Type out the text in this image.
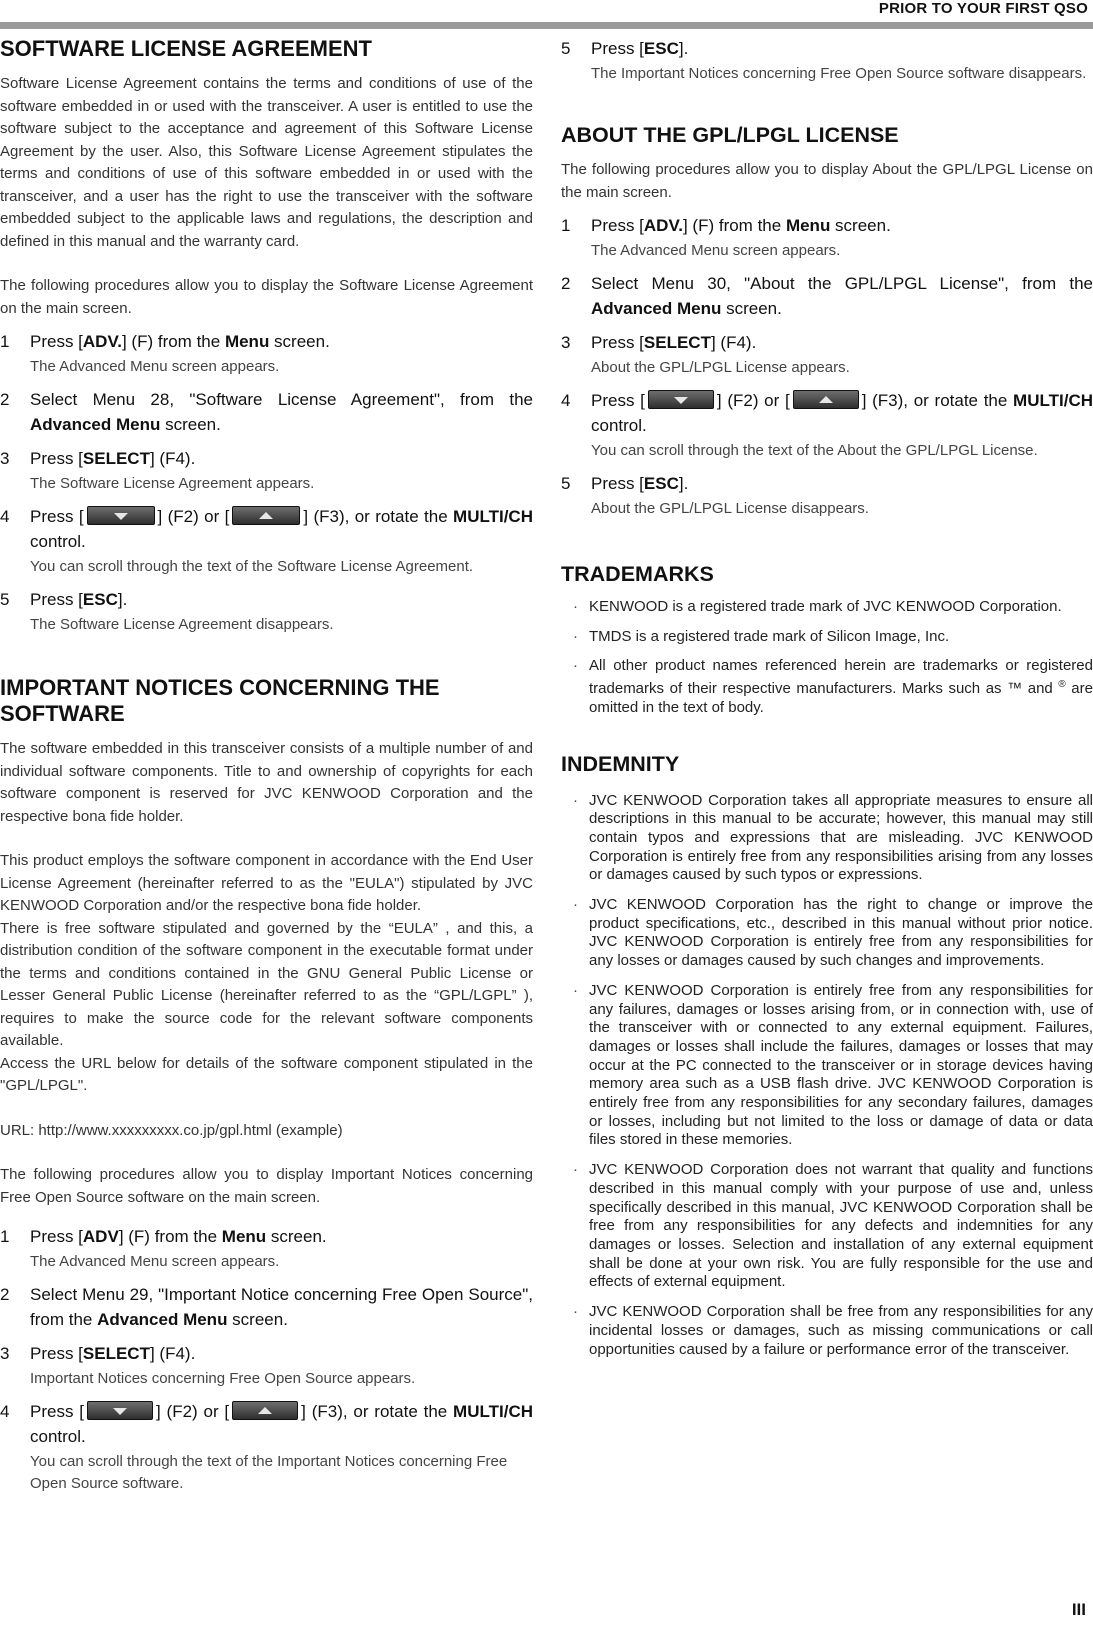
PRIOR TO YOUR FIRST QSO
SOFTWARE LICENSE AGREEMENT

Software License Agreement contains the terms and conditions of use of the software embedded in or used with the transceiver. A user is entitled to use the software subject to the acceptance and agreement of this Software License Agreement by the user. Also, this Software License Agreement stipulates the terms and conditions of use of this software embedded in or used with the transceiver, and a user has the right to use the transceiver with the software embedded subject to the applicable laws and regulations, the description and defined in this manual and the warranty card.

The following procedures allow you to display the Software License Agreement on the main screen.

1 Press [ADV.] (F) from the Menu screen.
The Advanced Menu screen appears.
2 Select Menu 28, "Software License Agreement", from the Advanced Menu screen.
3 Press [SELECT] (F4).
The Software License Agreement appears.
4 Press [	] (F2) or [	] (F3), or rotate the MULTI/CH control.
You can scroll through the text of the Software License Agreement.
5 Press [ESC].
The Software License Agreement disappears.
IMPORTANT NOTICES CONCERNING THE SOFTWARE

The software embedded in this transceiver consists of a multiple number of and individual software components. Title to and ownership of copyrights for each software component is reserved for JVC KENWOOD Corporation and the respective bona fide holder.

This product employs the software component in accordance with the End User License Agreement (hereinafter referred to as the "EULA") stipulated by JVC KENWOOD Corporation and/or the respective bona fide holder.

There is free software stipulated and governed by the “EULA” , and this, a distribution condition of the software component in the executable format under the terms and conditions contained in the GNU General Public License or Lesser General Public License (hereinafter referred to as the “GPL/LGPL” ), requires to make the source code for the relevant software components available.

Access the URL below for details of the software component stipulated in the "GPL/LPGL".

URL: http://www.xxxxxxxxx.co.jp/gpl.html (example)

The following procedures allow you to display Important Notices concerning Free Open Source software on the main screen.

1 Press [ADV] (F) from the Menu screen.
The Advanced Menu screen appears.
2 Select Menu 29, "Important Notice concerning Free Open Source", from the Advanced Menu screen.
3 Press [SELECT] (F4).
Important Notices concerning Free Open Source appears.
4 Press [	] (F2) or [	] (F3), or rotate the MULTI/CH control.
You can scroll through the text of the Important Notices concerning Free Open Source software.
5 Press [ESC].
The Important Notices concerning Free Open Source software disappears.
ABOUT THE GPL/LPGL LICENSE

The following procedures allow you to display About the GPL/LPGL License on the main screen.

1 Press [ADV.] (F) from the Menu screen.
The Advanced Menu screen appears.
2 Select Menu 30, "About the GPL/LPGL License", from the Advanced Menu screen.
3 Press [SELECT] (F4).
About the GPL/LPGL License appears.
4 Press [	] (F2) or [	] (F3), or rotate the MULTI/CH control.
You can scroll through the text of the About the GPL/LPGL License.
5 Press [ESC].
About the GPL/LPGL License disappears.
TRADEMARKS
· KENWOOD is a registered trade mark of JVC KENWOOD Corporation.
· TMDS is a registered trade mark of Silicon Image, Inc.
· All other product names referenced herein are trademarks or registered trademarks of their respective manufacturers. Marks such as ™ and ® are omitted in the text of body.
INDEMNITY
· JVC KENWOOD Corporation takes all appropriate measures to ensure all descriptions in this manual to be accurate; however, this manual may still contain typos and expressions that are misleading. JVC KENWOOD Corporation is entirely free from any responsibilities arising from any losses or damages caused by such typos or expressions.
· JVC KENWOOD Corporation has the right to change or improve the product specifications, etc., described in this manual without prior notice. JVC KENWOOD Corporation is entirely free from any responsibilities for any losses or damages caused by such changes and improvements.
· JVC KENWOOD Corporation is entirely free from any responsibilities for any failures, damages or losses arising from, or in connection with, use of the transceiver with or connected to any external equipment. Failures, damages or losses shall include the failures, damages or losses that may occur at the PC connected to the transceiver or in storage devices having memory area such as a USB flash drive. JVC KENWOOD Corporation is entirely free from any responsibilities for any secondary failures, damages or losses, including but not limited to the loss or damage of data or data files stored in these memories.
· JVC KENWOOD Corporation does not warrant that quality and functions described in this manual comply with your purpose of use and, unless specifically described in this manual, JVC KENWOOD Corporation shall be free from any responsibilities for any defects and indemnities for any damages or losses. Selection and installation of any external equipment shall be done at your own risk. You are fully responsible for the use and effects of external equipment.
· JVC KENWOOD Corporation shall be free from any responsibilities for any incidental losses or damages, such as missing communications or call opportunities caused by a failure or performance error of the transceiver.
III
